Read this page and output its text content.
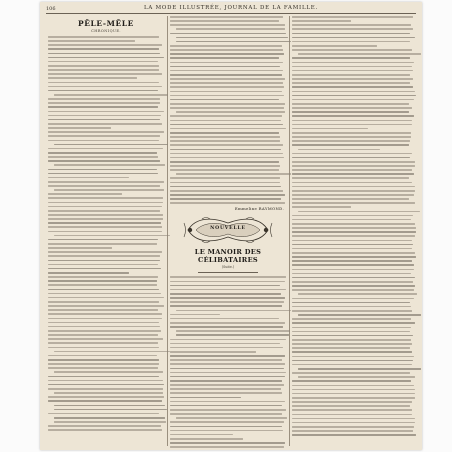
106	LA MODE ILLUSTRÉE, JOURNAL DE LA FAMILLE.
PÊLE-MÊLE
CHRONIQUE.
Emmeline RAYMOND.
NOUVELLE
LE MANOIR DES CÉLIBATAIRES
(Suite.)
